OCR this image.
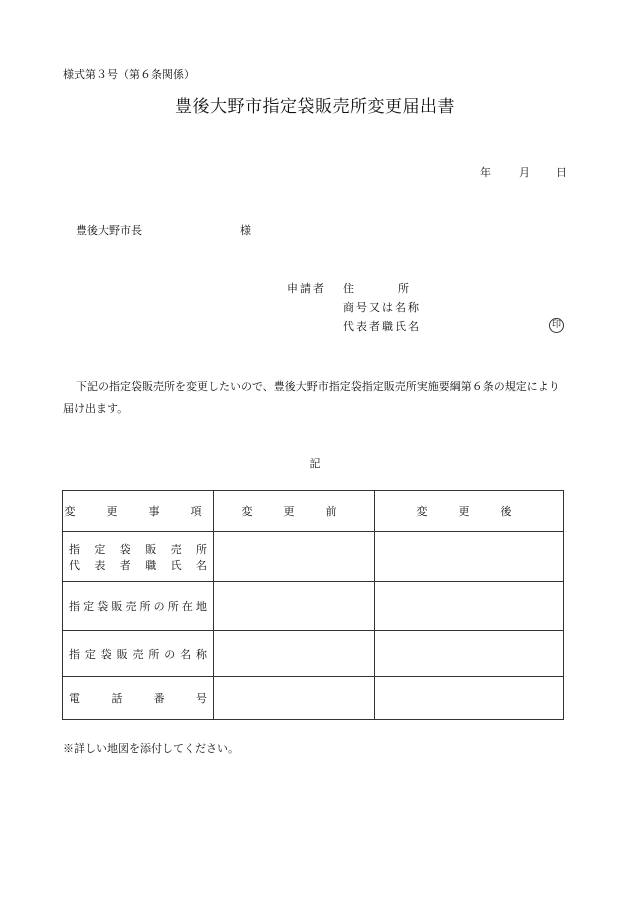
様式第３号（第６条関係）
豊後大野市指定袋販売所変更届出書
年	月 日
豊後大野市長	様
申請者 住　　　　所
商号又は名称
代表者職氏名	印
下記の指定袋販売所を変更したいので、豊後大野市指定袋指定販売所実施要綱第６条の規定により届け出ます。
記
変　更　事　項	変　更　前	変　更　後

指定袋販売所
代表者職氏名		

指定袋販売所の所在地		

指定袋販売所の名称		

電話番号		

※詳しい地図を添付してください。
